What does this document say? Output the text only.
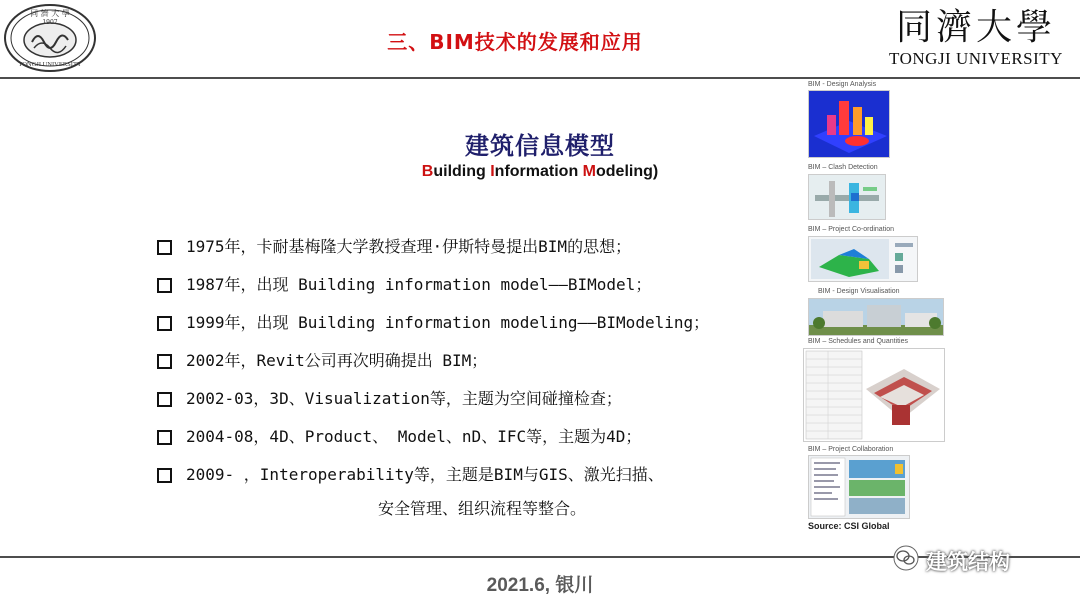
同 濟 大 學
1907
TONGJI UNIVERSITY
三、BIM技术的发展和应用	同濟大學
TONGJI UNIVERSITY
建筑信息模型
Building Information Modeling)
1975年，卡耐基梅隆大学教授查理·伊斯特曼提出BIM的思想；
1987年，出现 Building information model——BIModel；
1999年，出现 Building information modeling——BIModeling；
2002年，Revit公司再次明确提出 BIM；
2002-03，3D、Visualization等，主题为空间碰撞检查；
2004-08，4D、Product、 Model、nD、IFC等，主题为4D；
2009- ，Interoperability等，主题是BIM与GIS、激光扫描、
安全管理、组织流程等整合。
BIM - Design Analysis
BIM – Clash Detection
BIM – Project Co-ordination
BIM - Design Visualisation
BIM – Schedules and Quantities
BIM – Project Collaboration
Source: CSI Global
2021.6, 银川
建筑结构
